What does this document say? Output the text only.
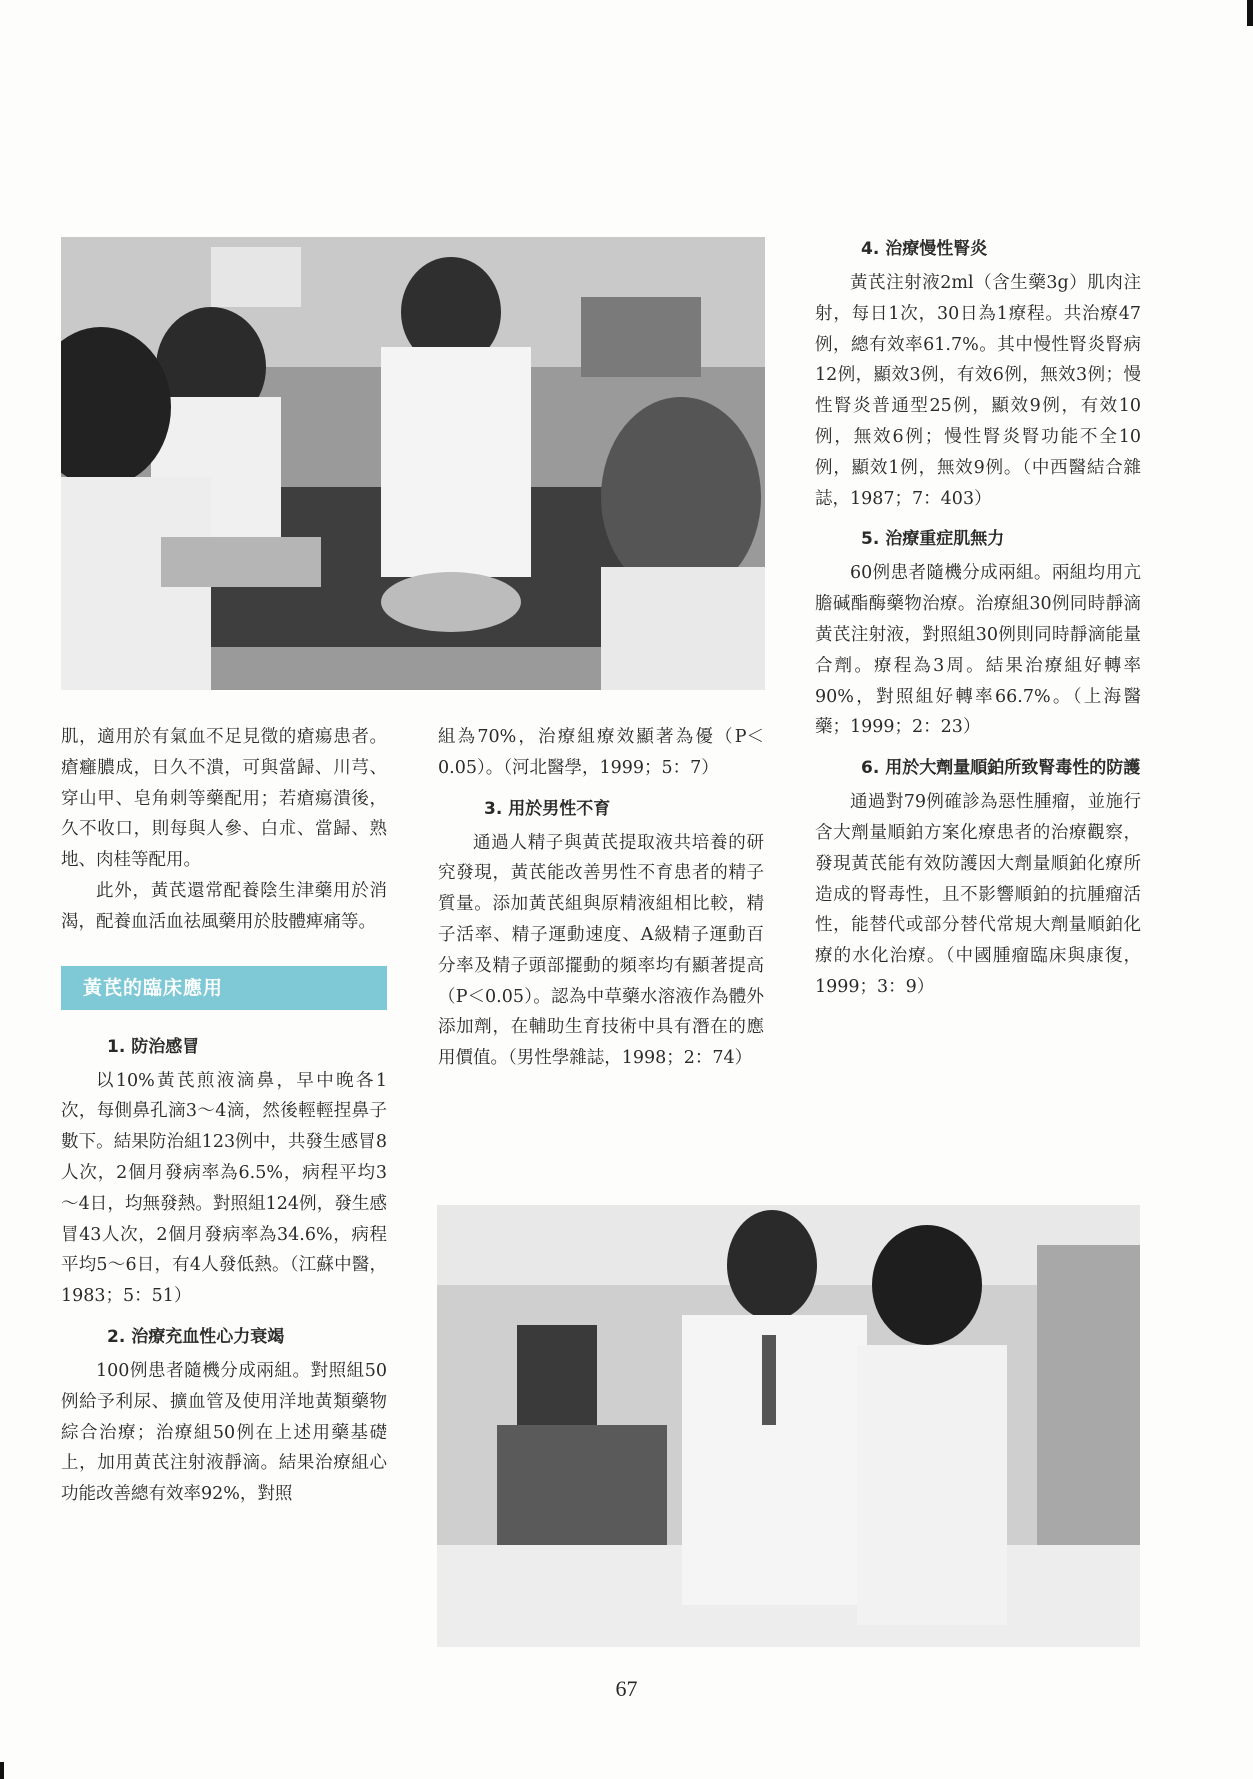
肌，適用於有氣血不足見徵的瘡瘍患者。瘡癰膿成，日久不潰，可與當歸、川芎、穿山甲、皂角刺等藥配用；若瘡瘍潰後，久不收口，則每與人參、白朮、當歸、熟地、肉桂等配用。

此外，黃芪還常配養陰生津藥用於消渴，配養血活血祛風藥用於肢體痺痛等。

黃芪的臨床應用
1. 防治感冒

以10%黃芪煎液滴鼻，早中晚各1次，每側鼻孔滴3～4滴，然後輕輕捏鼻子數下。結果防治組123例中，共發生感冒8人次，2個月發病率為6.5%，病程平均3～4日，均無發熱。對照組124例，發生感冒43人次，2個月發病率為34.6%，病程平均5～6日，有4人發低熱。（江蘇中醫，1983；5：51）

2. 治療充血性心力衰竭

100例患者隨機分成兩組。對照組50例給予利尿、擴血管及使用洋地黃類藥物綜合治療；治療組50例在上述用藥基礎上，加用黃芪注射液靜滴。結果治療組心功能改善總有效率92%，對照

組為70%，治療組療效顯著為優（P＜0.05）。（河北醫學，1999；5：7）

3. 用於男性不育

通過人精子與黃芪提取液共培養的研究發現，黃芪能改善男性不育患者的精子質量。添加黃芪組與原精液組相比較，精子活率、精子運動速度、A級精子運動百分率及精子頭部擺動的頻率均有顯著提高（P＜0.05）。認為中草藥水溶液作為體外添加劑，在輔助生育技術中具有潛在的應用價值。（男性學雜誌，1998；2：74）

4. 治療慢性腎炎

黃芪注射液2ml（含生藥3g）肌肉注射，每日1次，30日為1療程。共治療47例，總有效率61.7%。其中慢性腎炎腎病12例，顯效3例，有效6例，無效3例；慢性腎炎普通型25例，顯效9例，有效10例，無效6例；慢性腎炎腎功能不全10例，顯效1例，無效9例。（中西醫結合雜誌，1987；7：403）

5. 治療重症肌無力

60例患者隨機分成兩組。兩組均用亢膽碱酯酶藥物治療。治療組30例同時靜滴黃芪注射液，對照組30例則同時靜滴能量合劑。療程為3周。結果治療組好轉率90%，對照組好轉率66.7%。（上海醫藥；1999；2：23）

6. 用於大劑量順鉑所致腎毒性的防護

通過對79例確診為惡性腫瘤，並施行含大劑量順鉑方案化療患者的治療觀察，發現黃芪能有效防護因大劑量順鉑化療所造成的腎毒性，且不影響順鉑的抗腫瘤活性，能替代或部分替代常規大劑量順鉑化療的水化治療。（中國腫瘤臨床與康復，1999；3：9）

67
